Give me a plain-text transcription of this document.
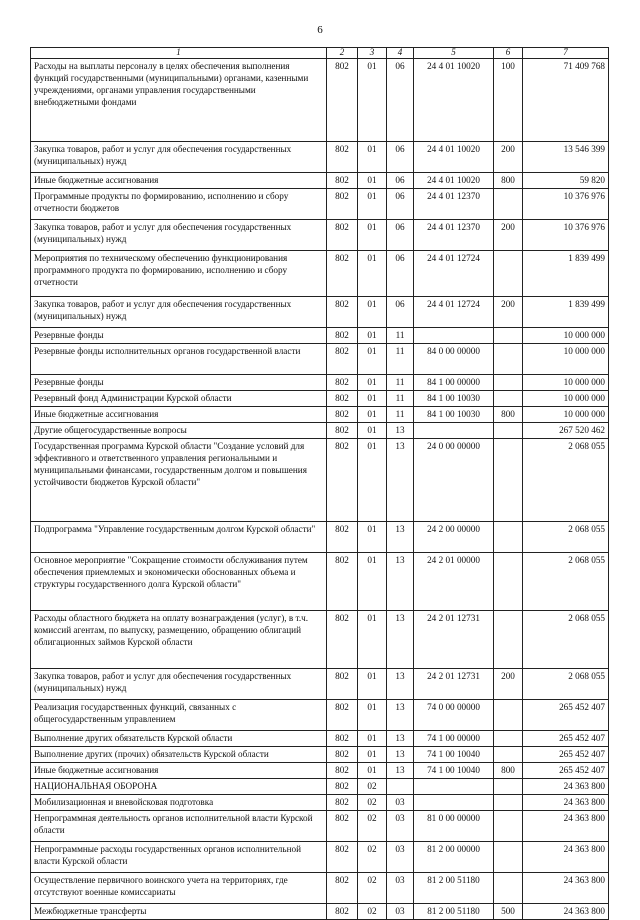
6
1	2	3	4	5	6	7
Расходы на выплаты персоналу в целях обеспечения выполнения функций государственными (муниципальными) органами, казенными учреждениями, органами управления государственными внебюджетными фондами	802	01	06	24 4 01 10020	100	71 409 768
Закупка товаров, работ и услуг для обеспечения государственных (муниципальных) нужд	802	01	06	24 4 01 10020	200	13 546 399
Иные бюджетные ассигнования	802	01	06	24 4 01 10020	800	59 820
Программные продукты по формированию, исполнению и сбору отчетности бюджетов	802	01	06	24 4 01 12370		10 376 976
Закупка товаров, работ и услуг для обеспечения государственных (муниципальных) нужд	802	01	06	24 4 01 12370	200	10 376 976
Мероприятия по техническому обеспечению функционирования программного продукта по формированию, исполнению и сбору отчетности	802	01	06	24 4 01 12724		1 839 499
Закупка товаров, работ и услуг для обеспечения государственных (муниципальных) нужд	802	01	06	24 4 01 12724	200	1 839 499
Резервные фонды	802	01	11			10 000 000
Резервные фонды исполнительных органов государственной власти	802	01	11	84 0 00 00000		10 000 000
Резервные фонды	802	01	11	84 1 00 00000		10 000 000
Резервный фонд Администрации Курской области	802	01	11	84 1 00 10030		10 000 000
Иные бюджетные ассигнования	802	01	11	84 1 00 10030	800	10 000 000
Другие общегосударственные вопросы	802	01	13			267 520 462
Государственная программа Курской области "Создание условий для эффективного и ответственного управления региональными и муниципальными финансами, государственным долгом и повышения устойчивости бюджетов Курской области"	802	01	13	24 0 00 00000		2 068 055
Подпрограмма "Управление государственным долгом Курской области"	802	01	13	24 2 00 00000		2 068 055
Основное мероприятие "Сокращение стоимости обслуживания путем обеспечения приемлемых и экономически обоснованных объема и структуры государственного долга Курской области"	802	01	13	24 2 01 00000		2 068 055
Расходы областного бюджета на оплату вознаграждения (услуг), в т.ч. комиссий агентам, по выпуску, размещению, обращению облигаций облигационных займов Курской области	802	01	13	24 2 01 12731		2 068 055
Закупка товаров, работ и услуг для обеспечения государственных (муниципальных) нужд	802	01	13	24 2 01 12731	200	2 068 055
Реализация государственных функций, связанных с общегосударственным управлением	802	01	13	74 0 00 00000		265 452 407
Выполнение других обязательств Курской области	802	01	13	74 1 00 00000		265 452 407
Выполнение других (прочих) обязательств Курской области	802	01	13	74 1 00 10040		265 452 407
Иные бюджетные ассигнования	802	01	13	74 1 00 10040	800	265 452 407
НАЦИОНАЛЬНАЯ ОБОРОНА	802	02				24 363 800
Мобилизационная и вневойсковая подготовка	802	02	03			24 363 800
Непрограммная деятельность органов исполнительной власти Курской области	802	02	03	81 0 00 00000		24 363 800
Непрограммные расходы государственных органов исполнительной власти Курской области	802	02	03	81 2 00 00000		24 363 800
Осуществление первичного воинского учета на территориях, где отсутствуют военные комиссариаты	802	02	03	81 2 00 51180		24 363 800
Межбюджетные трансферты	802	02	03	81 2 00 51180	500	24 363 800
